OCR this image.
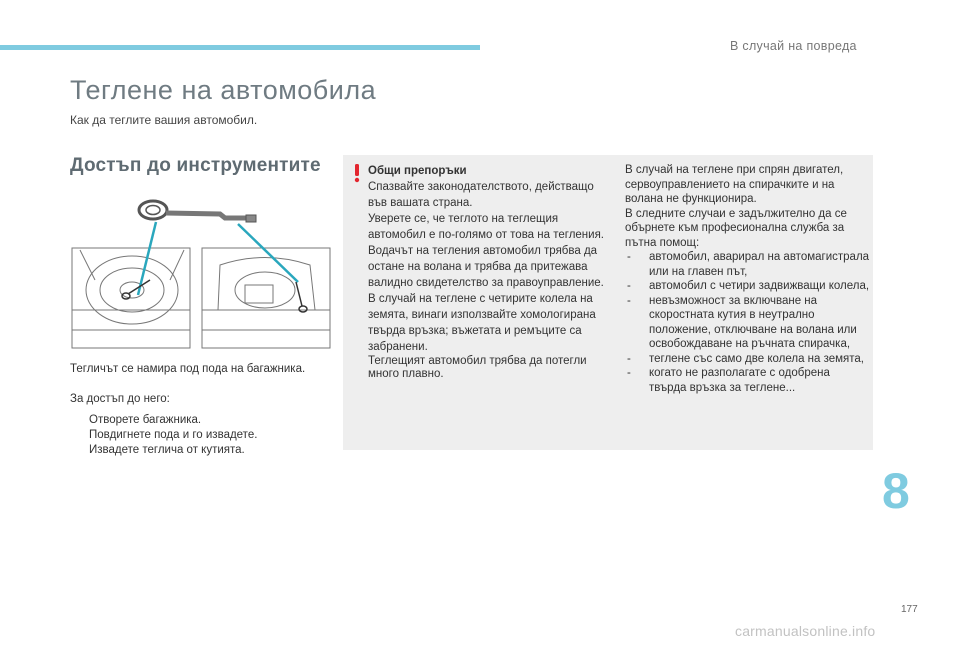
В случай на повреда
Теглене на автомобила
Как да теглите вашия автомобил.
Достъп до инструментите
Тегличът се намира под пода на багажника.
За достъп до него:
Отворете багажника.
Повдигнете пода и го извадете.
Извадете теглича от кутията.
Общи препоръки
Спазвайте законодателството, действащо във вашата страна.
Уверете се, че теглото на теглещия автомобил е по-голямо от това на тегления.
Водачът на тегления автомобил трябва да остане на волана и трябва да притежава валидно свидетелство за правоуправление.
В случай на теглене с четирите колела на земята, винаги използвайте хомологирана твърда връзка; въжетата и ремъците са забранени.
Теглещият автомобил трябва да потегли много плавно.
В случай на теглене при спрян двигател, сервоуправлението на спирачките и на волана не функционира.
В следните случаи е задължително да се обърнете към професионална служба за пътна помощ:
- автомобил, аварирал на автомагистрала или на главен път,
- автомобил с четири задвижващи колела,
- невъзможност за включване на скоростната кутия в неутрално положение, отключване на волана или освобождаване на ръчната спирачка,
- теглене със само две колела на земята,
- когато не разполагате с одобрена твърда връзка за теглене...
8
177
carmanualsonline.info
